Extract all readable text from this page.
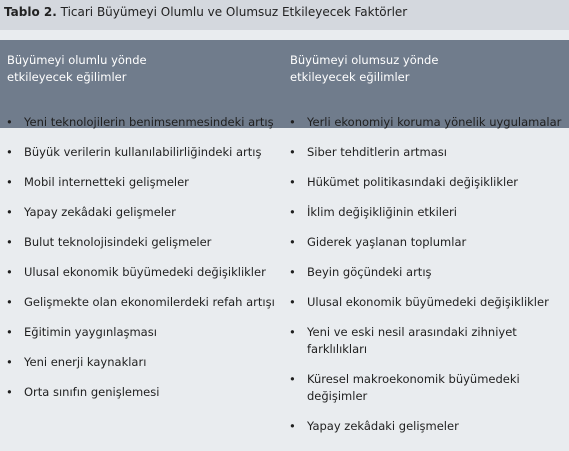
Tablo 2. Ticari Büyümeyi Olumlu ve Olumsuz Etkileyecek Faktörler
Büyümeyi olumlu yönde
etkileyecek eğilimler
Büyümeyi olumsuz yönde
etkileyecek eğilimler
• Yeni teknolojilerin benimsenmesindeki artış
• Büyük verilerin kullanılabilirliğindeki artış
• Mobil internetteki gelişmeler
• Yapay zekâdaki gelişmeler
• Bulut teknolojisindeki gelişmeler
• Ulusal ekonomik büyümedeki değişiklikler
• Gelişmekte olan ekonomilerdeki refah artışı
• Eğitimin yaygınlaşması
• Yeni enerji kaynakları
• Orta sınıfın genişlemesi
• Yerli ekonomiyi koruma yönelik uygulamalar
• Siber tehditlerin artması
• Hükümet politikasındaki değişiklikler
• İklim değişikliğinin etkileri
• Giderek yaşlanan toplumlar
• Beyin göçündeki artış
• Ulusal ekonomik büyümedeki değişiklikler
• Yeni ve eski nesil arasındaki zihniyet farklılıkları
• Küresel makroekonomik büyümedeki değişimler
• Yapay zekâdaki gelişmeler
